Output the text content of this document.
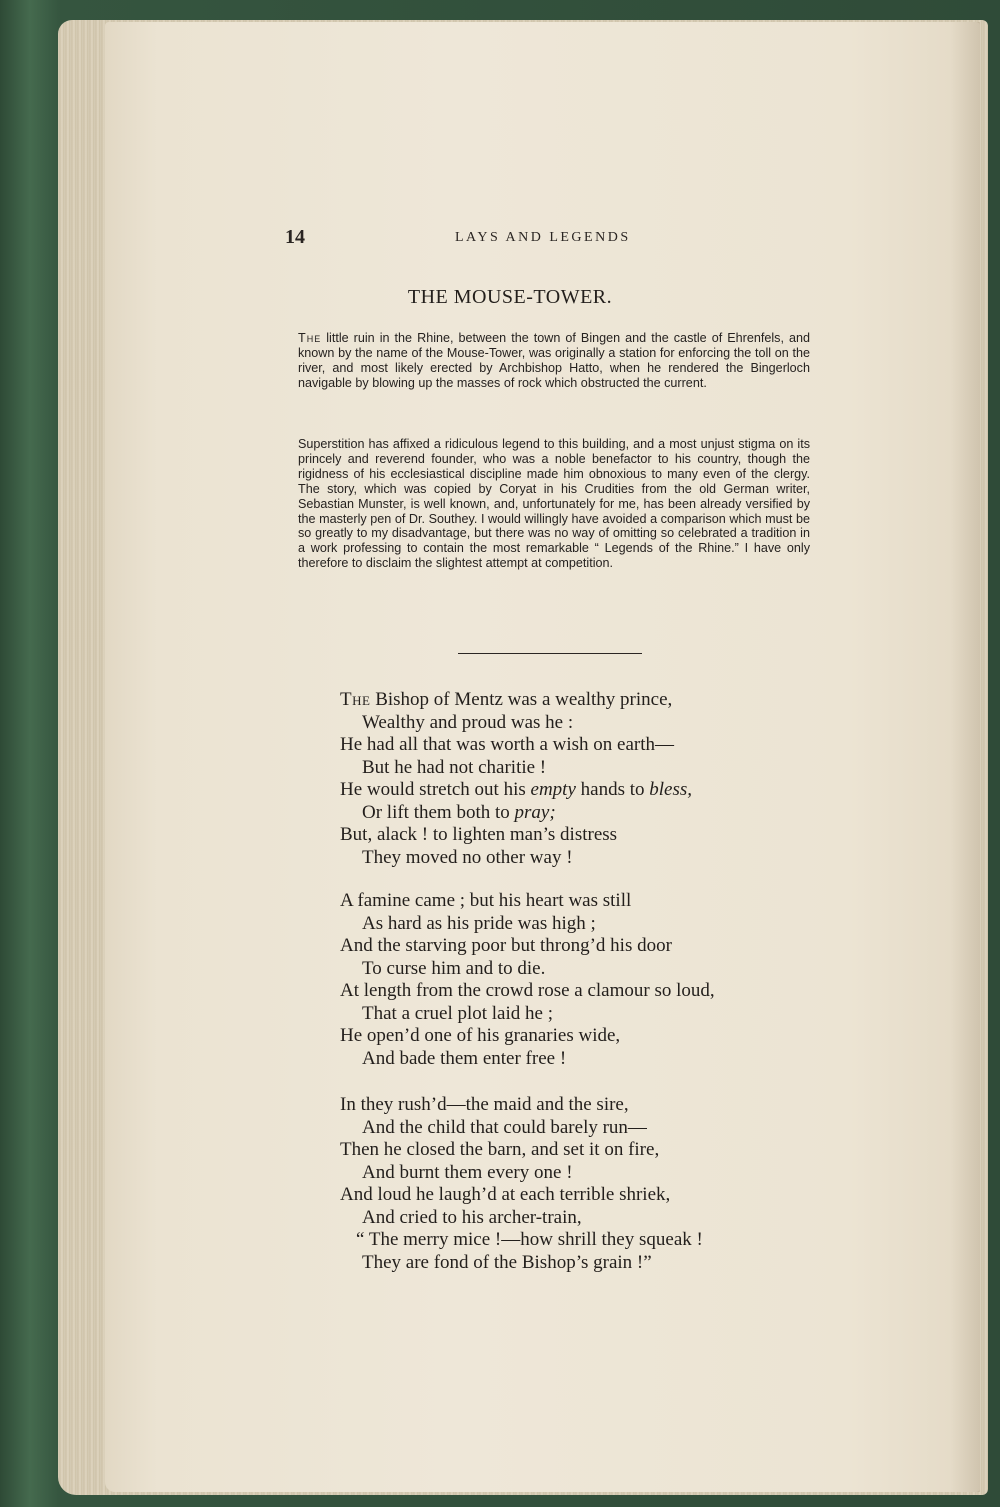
14	LAYS AND LEGENDS
THE MOUSE-TOWER.

The little ruin in the Rhine, between the town of Bingen and the castle of Ehrenfels, and known by the name of the Mouse-Tower, was originally a station for enforcing the toll on the river, and most likely erected by Archbishop Hatto, when he rendered the Bingerloch navigable by blowing up the masses of rock which obstructed the current.

Superstition has affixed a ridiculous legend to this building, and a most unjust stigma on its princely and reverend founder, who was a noble benefactor to his country, though the rigidness of his ecclesiastical discipline made him obnoxious to many even of the clergy. The story, which was copied by Coryat in his Crudities from the old German writer, Sebastian Munster, is well known, and, unfortunately for me, has been already versified by the masterly pen of Dr. Southey. I would willingly have avoided a comparison which must be so greatly to my disadvantage, but there was no way of omitting so celebrated a tradition in a work professing to contain the most remarkable “ Legends of the Rhine.” I have only therefore to disclaim the slightest attempt at competition.

The Bishop of Mentz was a wealthy prince,
Wealthy and proud was he :
He had all that was worth a wish on earth—
But he had not charitie !
He would stretch out his empty hands to bless,
Or lift them both to pray;
But, alack ! to lighten man’s distress
They moved no other way !
A famine came ; but his heart was still
As hard as his pride was high ;
And the starving poor but throng’d his door
To curse him and to die.
At length from the crowd rose a clamour so loud,
That a cruel plot laid he ;
He open’d one of his granaries wide,
And bade them enter free !
In they rush’d—the maid and the sire,
And the child that could barely run—
Then he closed the barn, and set it on fire,
And burnt them every one !
And loud he laugh’d at each terrible shriek,
And cried to his archer-train,
“ The merry mice !—how shrill they squeak !
They are fond of the Bishop’s grain !”
